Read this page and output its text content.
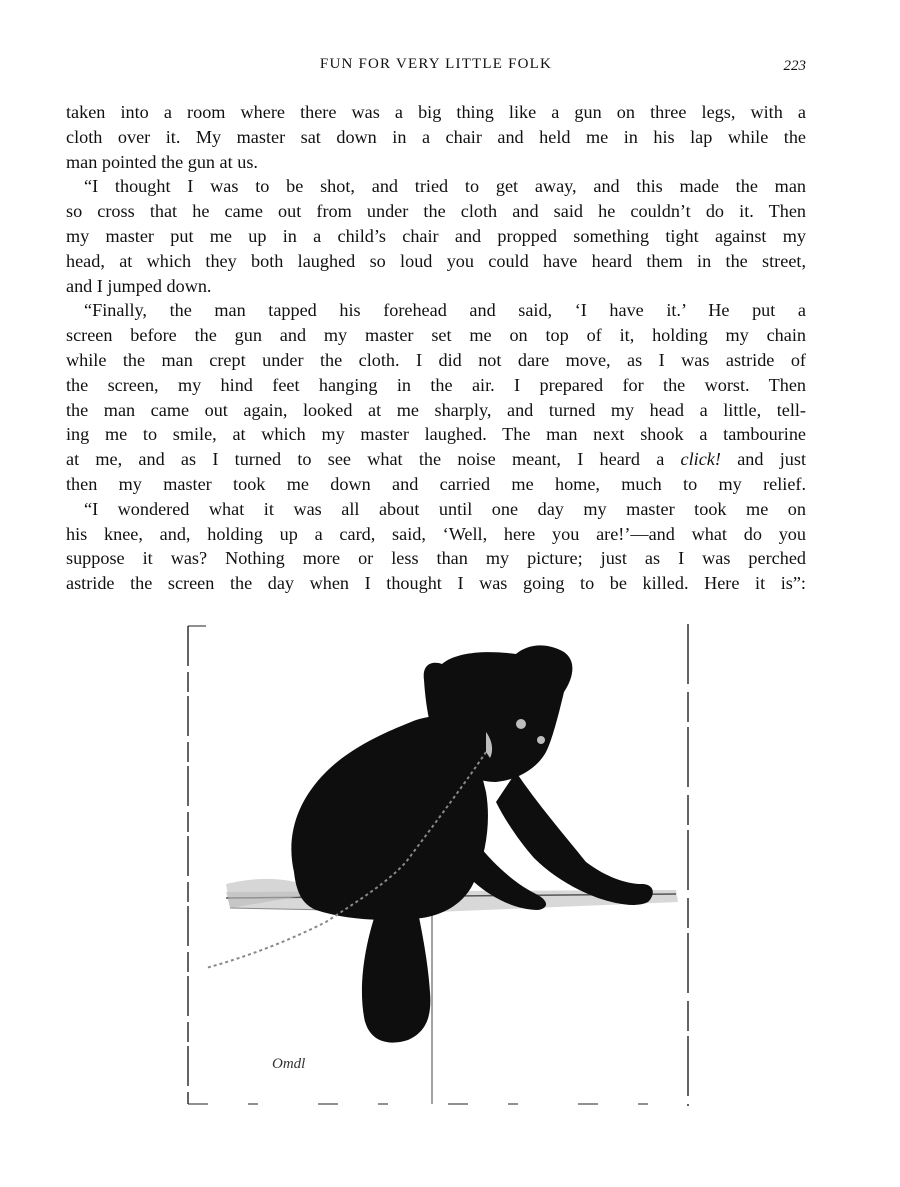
FUN FOR VERY LITTLE FOLK	223
taken into a room where there was a big thing like a gun on three legs, with a
cloth over it. My master sat down in a chair and held me in his lap while the
man pointed the gun at us.
“I thought I was to be shot, and tried to get away, and this made the man
so cross that he came out from under the cloth and said he couldn’t do it. Then
my master put me up in a child’s chair and propped something tight against my
head, at which they both laughed so loud you could have heard them in the street,
and I jumped down.
“Finally, the man tapped his forehead and said, ‘I have it.’ He put a
screen before the gun and my master set me on top of it, holding my chain
while the man crept under the cloth. I did not dare move, as I was astride of
the screen, my hind feet hanging in the air. I prepared for the worst. Then
the man came out again, looked at me sharply, and turned my head a little, tell-
ing me to smile, at which my master laughed. The man next shook a tambourine
at me, and as I turned to see what the noise meant, I heard a click! and just
then my master took me down and carried me home, much to my relief.
“I wondered what it was all about until one day my master took me on
his knee, and, holding up a card, said, ‘Well, here you are!’—and what do you
suppose it was? Nothing more or less than my picture; just as I was perched
astride the screen the day when I thought I was going to be killed. Here it is”:
Omdl
